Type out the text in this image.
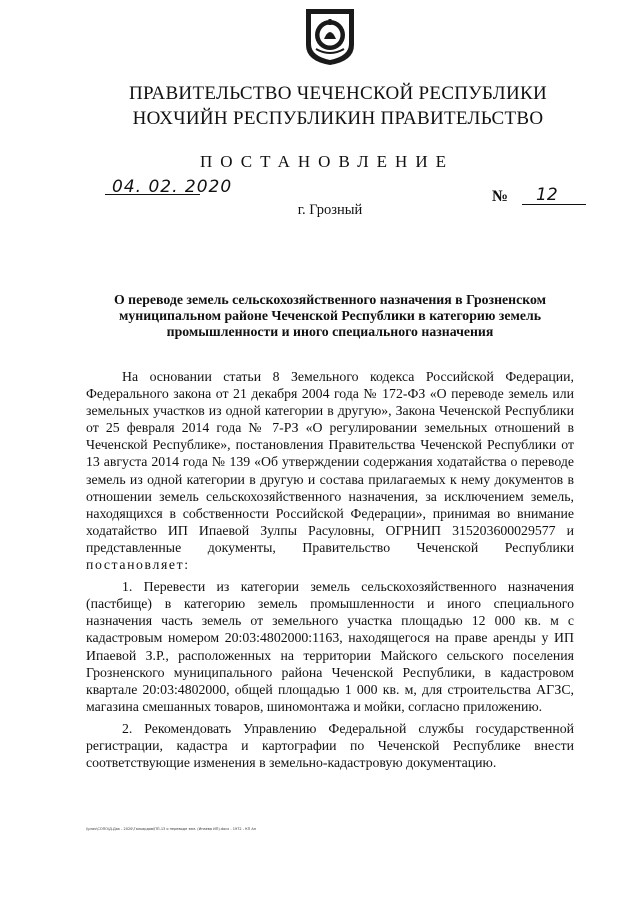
ПРАВИТЕЛЬСТВО ЧЕЧЕНСКОЙ РЕСПУБЛИКИ
НОХЧИЙН РЕСПУБЛИКИН ПРАВИТЕЛЬСТВО
ПОСТАНОВЛЕНИЕ
04. 02. 2020	№ 12
г. Грозный
О переводе земель сельскохозяйственного назначения в Грозненском муниципальном районе Чеченской Республики в категорию земель промышленности и иного специального назначения

На основании статьи 8 Земельного кодекса Российской Федерации, Федерального закона от 21 декабря 2004 года № 172-ФЗ «О переводе земель или земельных участков из одной категории в другую», Закона Чеченской Республики от 25 февраля 2014 года № 7-РЗ «О регулировании земельных отношений в Чеченской Республике», постановления Правительства Чеченской Республики от 13 августа 2014 года № 139 «Об утверждении содержания ходатайства о переводе земель из одной категории в другую и состава прилагаемых к нему документов в отношении земель сельскохозяйственного назначения, за исключением земель, находящихся в собственности Российской Федерации», принимая во внимание ходатайство ИП Ипаевой Зулпы Расуловны, ОГРНИП 315203600029577 и представленные документы, Правительство Чеченской Республики постановляет:

1. Перевести из категории земель сельскохозяйственного назначения (пастбище) в категорию земель промышленности и иного специального назначения часть земель от земельного участка площадью 12 000 кв. м с кадастровым номером 20:03:4802000:1163, находящегося на праве аренды у ИП Ипаевой З.Р., расположенных на территории Майского сельского поселения Грозненского муниципального района Чеченской Республики, в кадастровом квартале 20:03:4802000, общей площадью 1 000 кв. м, для строительства АГЗС, магазина смешанных товаров, шиномонтажа и мойки, согласно приложению.

2. Рекомендовать Управлению Федеральной службы государственной регистрации, кадастра и картографии по Чеченской Республике внести соответствующие изменения в земельно-кадастровую документацию.

\\prav\СОПО\Д.Док - 2020\Гальярдов\ПП-13 о переводе зем. (Ипаева ИП).docx - 1972 - КП Ап
